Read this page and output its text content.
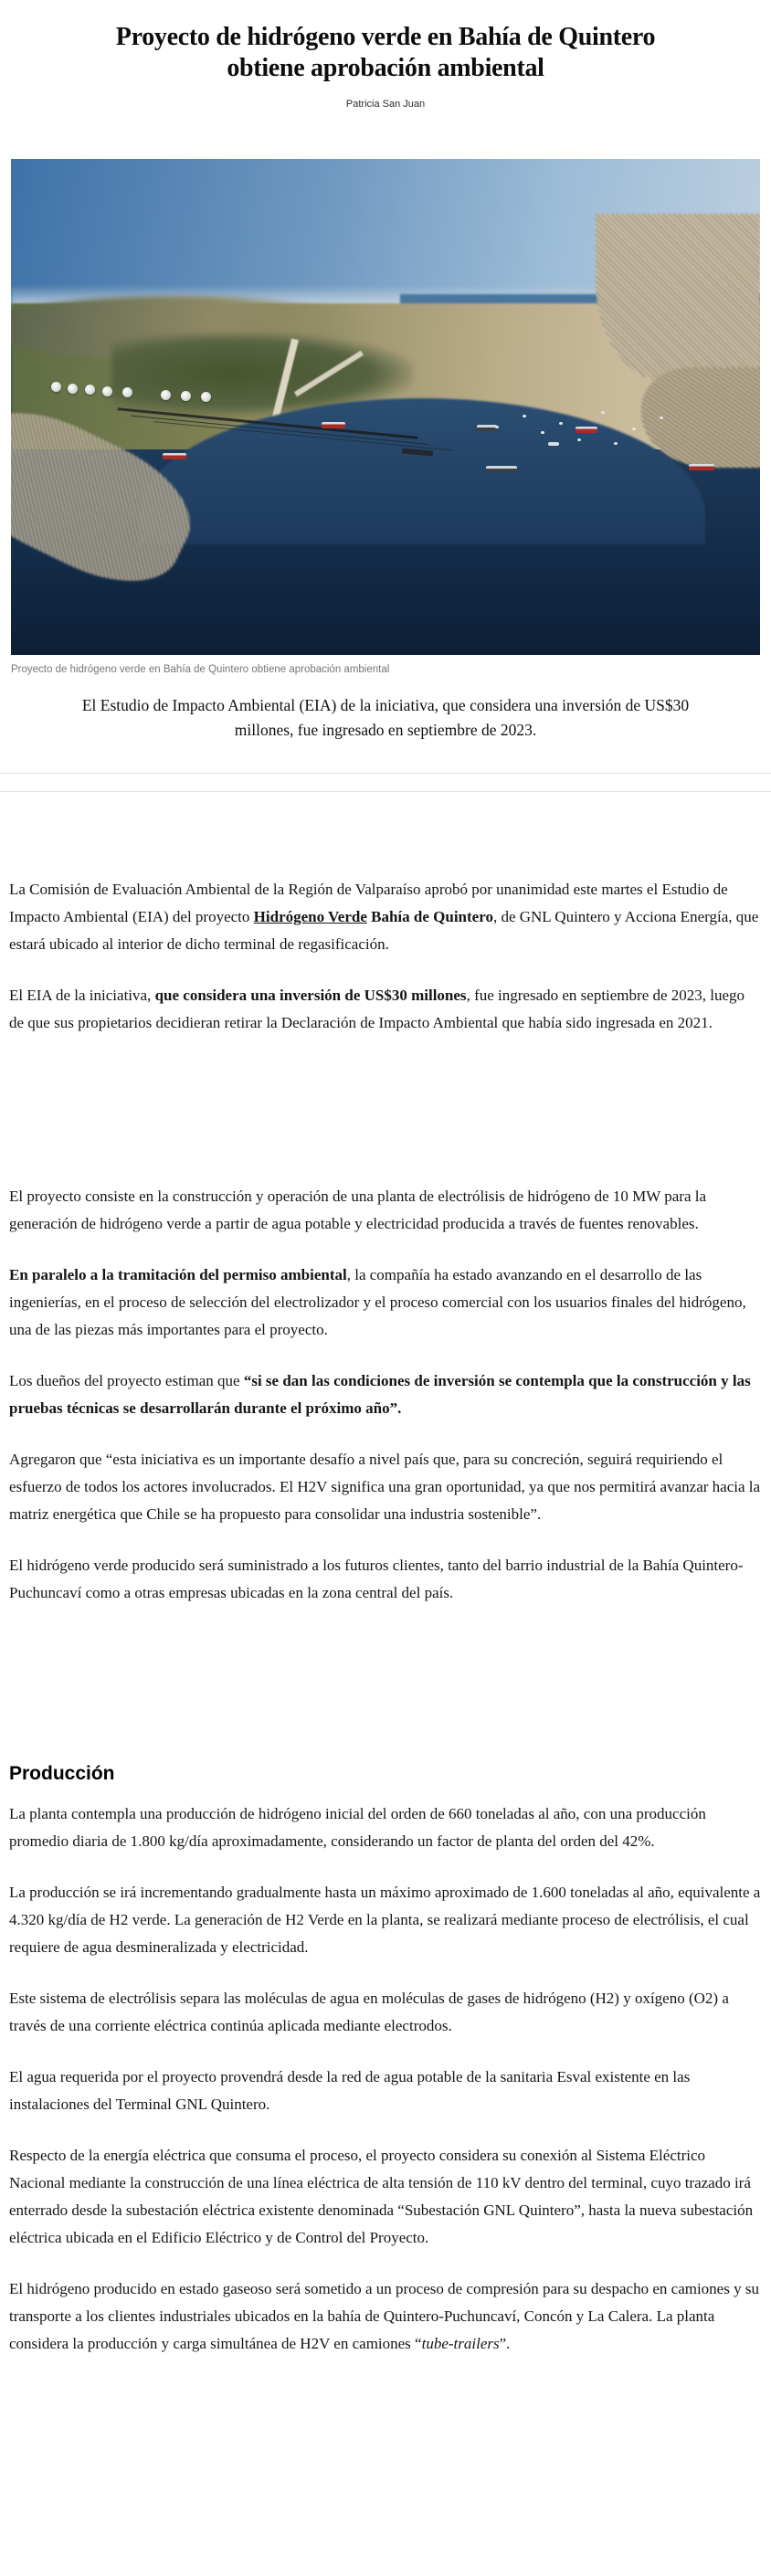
Proyecto de hidrógeno verde en Bahía de Quintero obtiene aprobación ambiental
Patricia San Juan
Proyecto de hidrógeno verde en Bahía de Quintero obtiene aprobación ambiental

El Estudio de Impacto Ambiental (EIA) de la iniciativa, que considera una inversión de US$30 millones, fue ingresado en septiembre de 2023.

La Comisión de Evaluación Ambiental de la Región de Valparaíso aprobó por unanimidad este martes el Estudio de Impacto Ambiental (EIA) del proyecto Hidrógeno Verde Bahía de Quintero, de GNL Quintero y Acciona Energía, que estará ubicado al interior de dicho terminal de regasificación.

El EIA de la iniciativa, que considera una inversión de US$30 millones, fue ingresado en septiembre de 2023, luego de que sus propietarios decidieran retirar la Declaración de Impacto Ambiental que había sido ingresada en 2021.

El proyecto consiste en la construcción y operación de una planta de electrólisis de hidrógeno de 10 MW para la generación de hidrógeno verde a partir de agua potable y electricidad producida a través de fuentes renovables.

En paralelo a la tramitación del permiso ambiental, la compañía ha estado avanzando en el desarrollo de las ingenierías, en el proceso de selección del electrolizador y el proceso comercial con los usuarios finales del hidrógeno, una de las piezas más importantes para el proyecto.

Los dueños del proyecto estiman que “si se dan las condiciones de inversión se contempla que la construcción y las pruebas técnicas se desarrollarán durante el próximo año”.

Agregaron que “esta iniciativa es un importante desafío a nivel país que, para su concreción, seguirá requiriendo el esfuerzo de todos los actores involucrados. El H2V significa una gran oportunidad, ya que nos permitirá avanzar hacia la matriz energética que Chile se ha propuesto para consolidar una industria sostenible”.

El hidrógeno verde producido será suministrado a los futuros clientes, tanto del barrio industrial de la Bahía Quintero-Puchuncaví como a otras empresas ubicadas en la zona central del país.

Producción

La planta contempla una producción de hidrógeno inicial del orden de 660 toneladas al año, con una producción promedio diaria de 1.800 kg/día aproximadamente, considerando un factor de planta del orden del 42%.

La producción se irá incrementando gradualmente hasta un máximo aproximado de 1.600 toneladas al año, equivalente a 4.320 kg/día de H2 verde. La generación de H2 Verde en la planta, se realizará mediante proceso de electrólisis, el cual requiere de agua desmineralizada y electricidad.

Este sistema de electrólisis separa las moléculas de agua en moléculas de gases de hidrógeno (H2) y oxígeno (O2) a través de una corriente eléctrica continúa aplicada mediante electrodos.

El agua requerida por el proyecto provendrá desde la red de agua potable de la sanitaria Esval existente en las instalaciones del Terminal GNL Quintero.

Respecto de la energía eléctrica que consuma el proceso, el proyecto considera su conexión al Sistema Eléctrico Nacional mediante la construcción de una línea eléctrica de alta tensión de 110 kV dentro del terminal, cuyo trazado irá enterrado desde la subestación eléctrica existente denominada “Subestación GNL Quintero”, hasta la nueva subestación eléctrica ubicada en el Edificio Eléctrico y de Control del Proyecto.

El hidrógeno producido en estado gaseoso será sometido a un proceso de compresión para su despacho en camiones y su transporte a los clientes industriales ubicados en la bahía de Quintero-Puchuncaví, Concón y La Calera. La planta considera la producción y carga simultánea de H2V en camiones “tube-trailers”.
